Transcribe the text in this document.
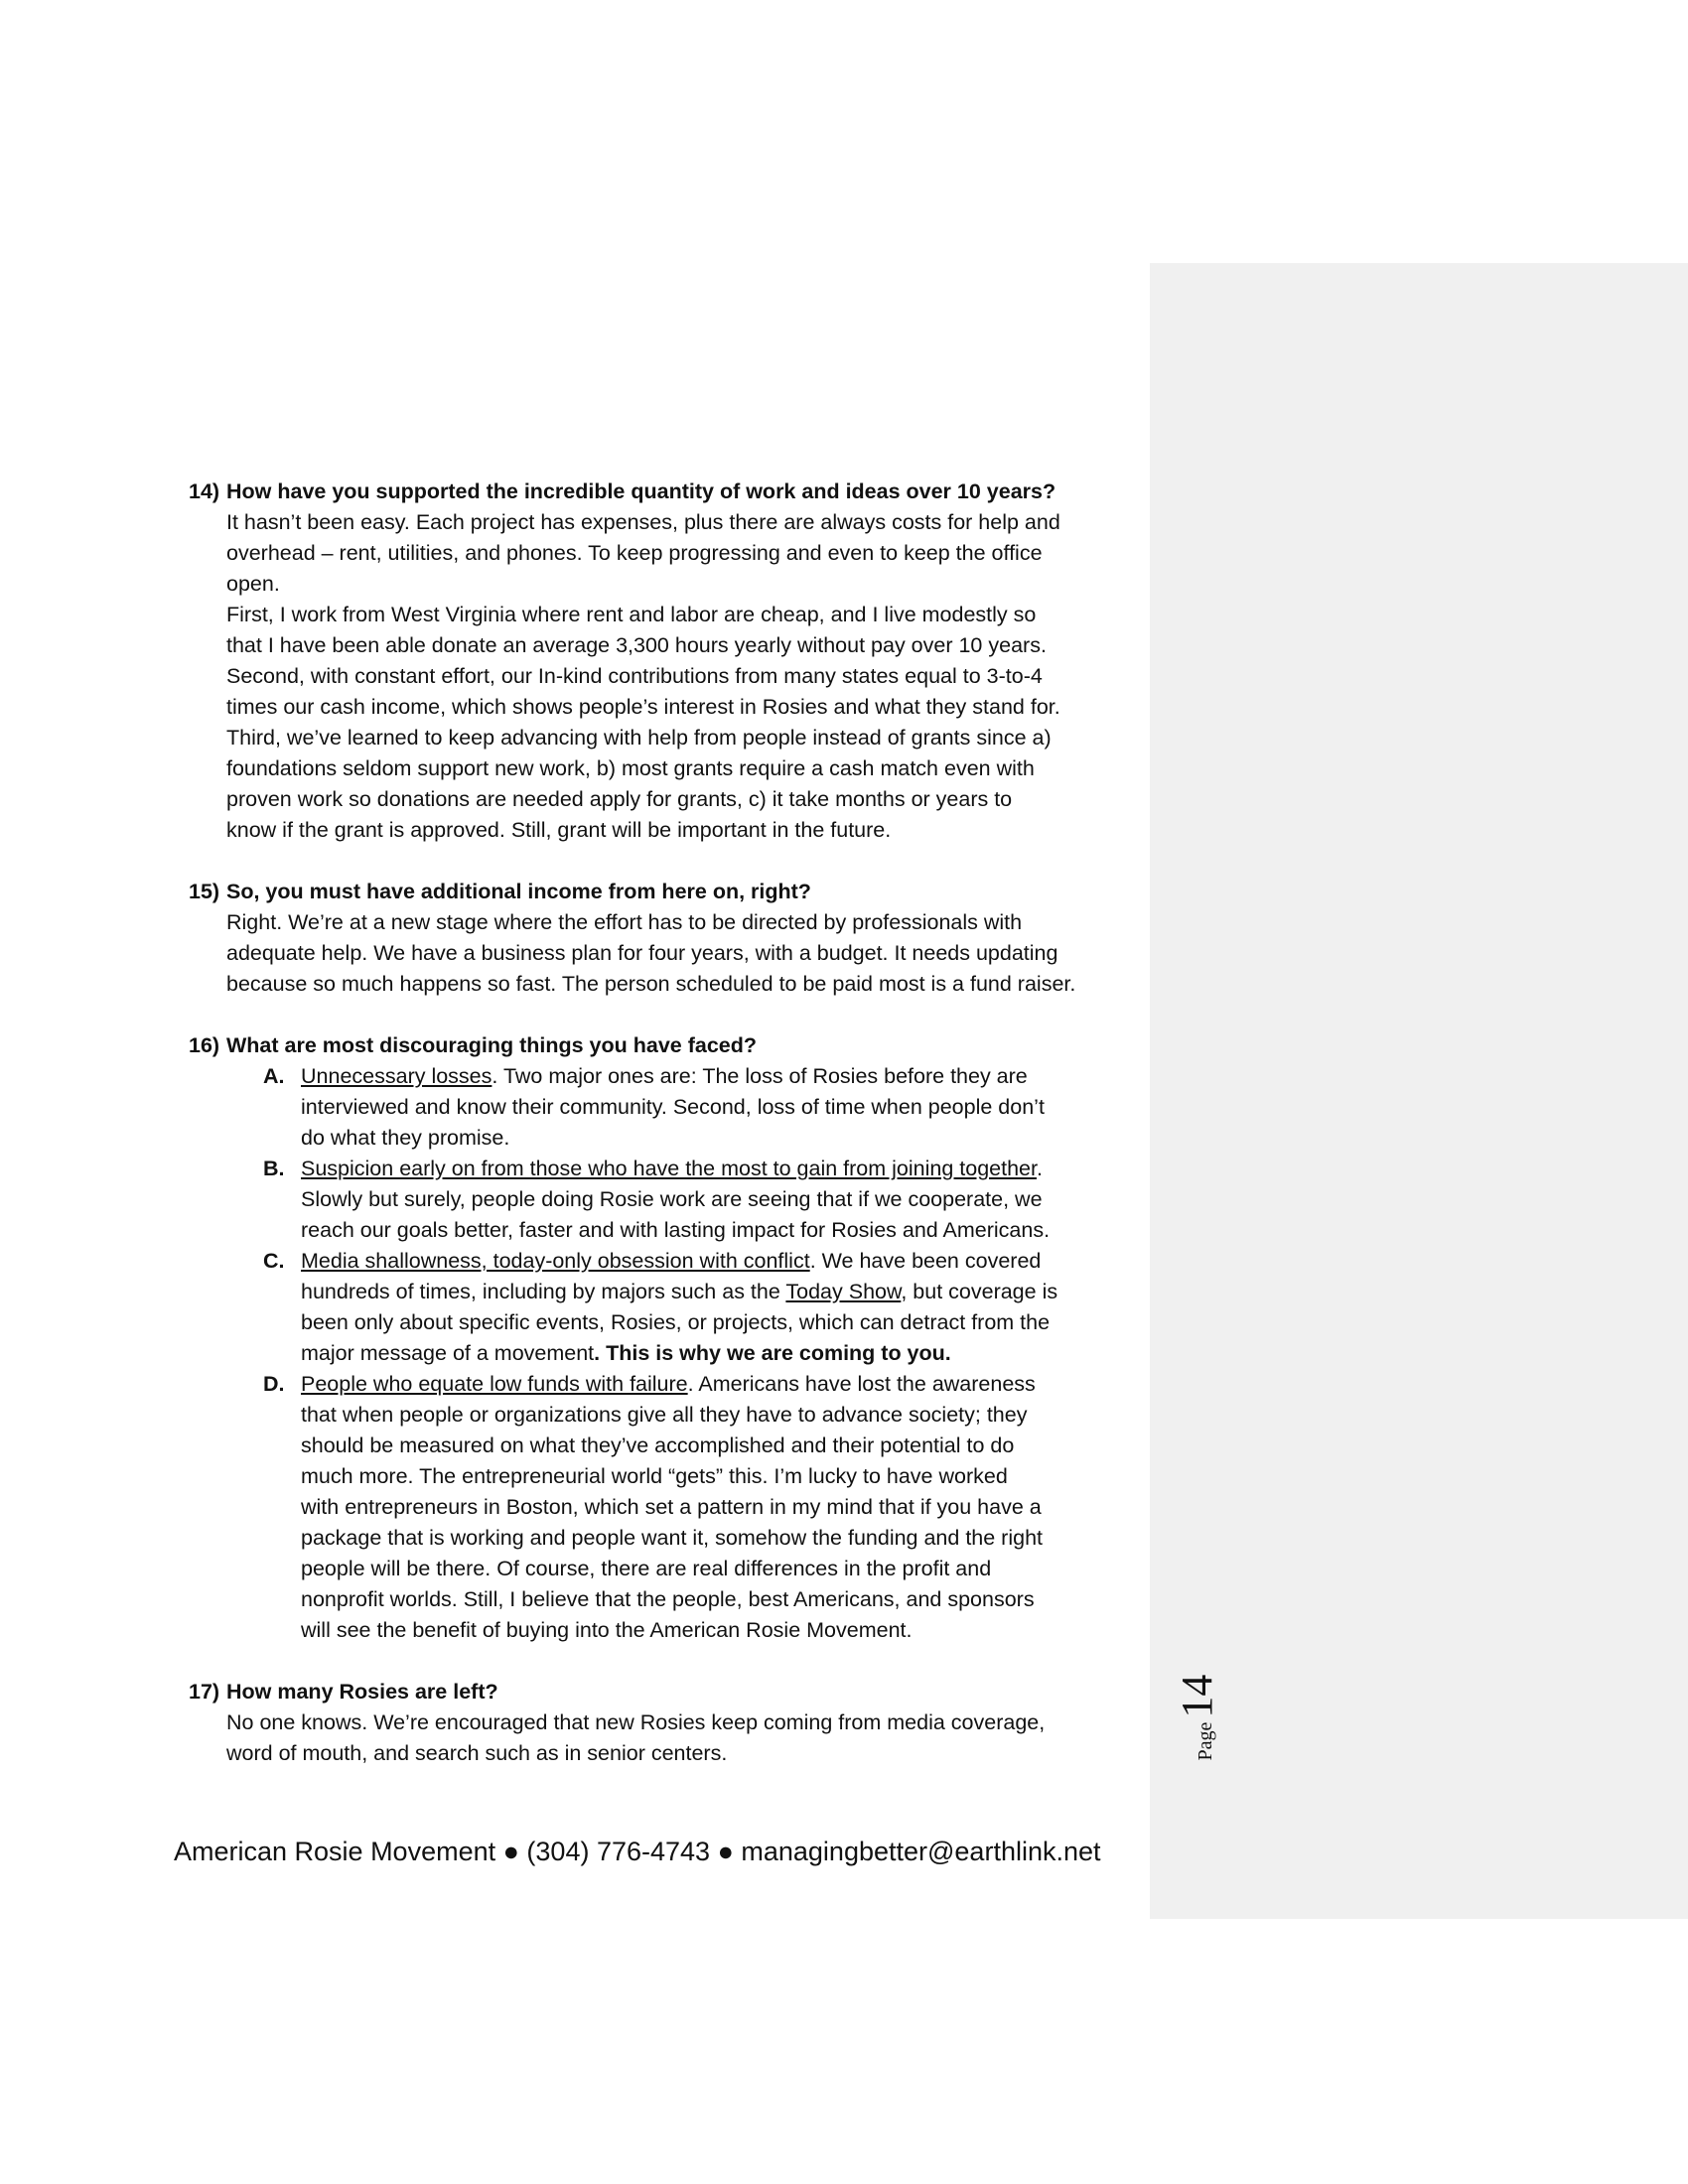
14) How have you supported the incredible quantity of work and ideas over 10 years?

It hasn’t been easy. Each project has expenses, plus there are always costs for help and
overhead – rent, utilities, and phones. To keep progressing and even to keep the office
open.
First, I work from West Virginia where rent and labor are cheap, and I live modestly so
that I have been able donate an average 3,300 hours yearly without pay over 10 years.
Second, with constant effort, our In-kind contributions from many states equal to 3-to-4
times our cash income, which shows people’s interest in Rosies and what they stand for.
Third, we’ve learned to keep advancing with help from people instead of grants since a)
foundations seldom support new work, b) most grants require a cash match even with
proven work so donations are needed apply for grants, c) it take months or years to
know if the grant is approved. Still, grant will be important in the future.

15) So, you must have additional income from here on, right?

Right. We’re at a new stage where the effort has to be directed by professionals with
adequate help. We have a business plan for four years, with a budget. It needs updating
because so much happens so fast. The person scheduled to be paid most is a fund raiser.

16) What are most discouraging things you have faced?

A. Unnecessary losses. Two major ones are: The loss of Rosies before they are
interviewed and know their community. Second, loss of time when people don’t
do what they promise.
B. Suspicion early on from those who have the most to gain from joining together.
Slowly but surely, people doing Rosie work are seeing that if we cooperate, we
reach our goals better, faster and with lasting impact for Rosies and Americans.
C. Media shallowness, today-only obsession with conflict. We have been covered
hundreds of times, including by majors such as the Today Show, but coverage is
been only about specific events, Rosies, or projects, which can detract from the
major message of a movement. This is why we are coming to you.
D. People who equate low funds with failure. Americans have lost the awareness
that when people or organizations give all they have to advance society; they
should be measured on what they’ve accomplished and their potential to do
much more. The entrepreneurial world “gets” this. I’m lucky to have worked
with entrepreneurs in Boston, which set a pattern in my mind that if you have a
package that is working and people want it, somehow the funding and the right
people will be there. Of course, there are real differences in the profit and
nonprofit worlds. Still, I believe that the people, best Americans, and sponsors
will see the benefit of buying into the American Rosie Movement.

17) How many Rosies are left?

No one knows. We’re encouraged that new Rosies keep coming from media coverage,
word of mouth, and search such as in senior centers.
American Rosie Movement ● (304) 776-4743 ● managingbetter@earthlink.net
Page
14
